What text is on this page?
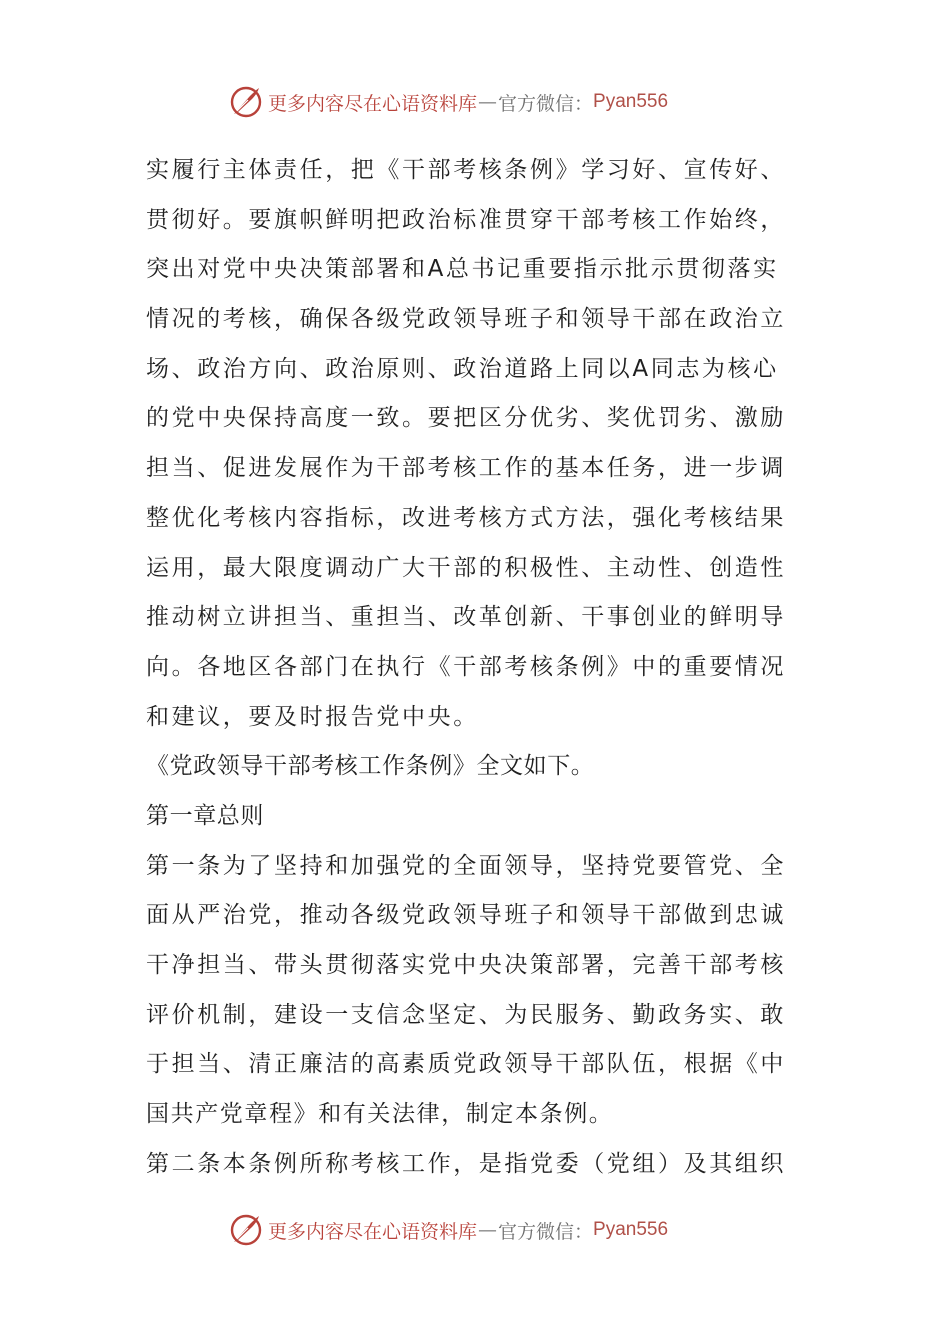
更多内容尽在心语资料库 — 官方微信： Pyan556
实履行主体责任，把《干部考核条例》学习好、宣传好、
贯彻好。要旗帜鲜明把政治标准贯穿干部考核工作始终，
突出对党中央决策部署和A总书记重要指示批示贯彻落实
情况的考核，确保各级党政领导班子和领导干部在政治立
场、政治方向、政治原则、政治道路上同以A同志为核心
的党中央保持高度一致。要把区分优劣、奖优罚劣、激励
担当、促进发展作为干部考核工作的基本任务，进一步调
整优化考核内容指标，改进考核方式方法，强化考核结果
运用，最大限度调动广大干部的积极性、主动性、创造性
推动树立讲担当、重担当、改革创新、干事创业的鲜明导
向。各地区各部门在执行《干部考核条例》中的重要情况
和建议，要及时报告党中央。
《党政领导干部考核工作条例》全文如下。
第一章总则
第一条为了坚持和加强党的全面领导，坚持党要管党、全
面从严治党，推动各级党政领导班子和领导干部做到忠诚
干净担当、带头贯彻落实党中央决策部署，完善干部考核
评价机制，建设一支信念坚定、为民服务、勤政务实、敢
于担当、清正廉洁的高素质党政领导干部队伍，根据《中
国共产党章程》和有关法律，制定本条例。
第二条本条例所称考核工作，是指党委（党组）及其组织
更多内容尽在心语资料库 — 官方微信： Pyan556
